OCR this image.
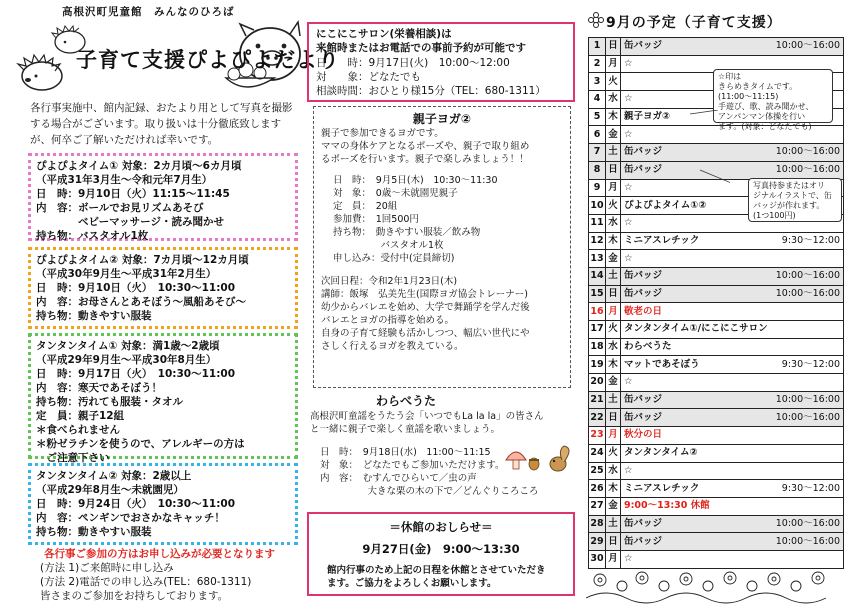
高根沢町児童館　みんなのひろば
子育て支援ぴよぴよだより
各行事実施中、館内記録、おたより用として写真を撮影する場合がございます。取り扱いは十分徹底致しますが、何卒ご了解いただければ幸いです。
ぴよぴよタイム① 対象：2カ月頃～6カ月頃
（平成31年3月生～令和元年7月生）
日　時：9月10日（火）11:15～11:45
内　容：ボールでお見リズムあそび
　　　　ベビーマッサージ・読み聞かせ
持ち物：バスタオル1枚
ぴよぴよタイム② 対象：7カ月頃～12カ月頃
（平成30年9月生～平成31年2月生）
日　時：9月10日（火）　10:30～11:00
内　容：お母さんとあそぼう～風船あそび～
持ち物：動きやすい服装
タンタンタイム① 対象：満1歳～2歳頃
（平成29年9月生～平成30年8月生）
日　時：9月17日（火）　10:30～11:00
内　容：寒天であそぼう！
持ち物：汚れても服装・タオル
定　員：親子12組
＊食べられません
＊粉ゼラチンを使うので、アレルギーの方は
　ご注意下さい
タンタンタイム② 対象：2歳以上
（平成29年8月生～未就園児）
日　時：9月24日（火）　10:30～11:00
内　容：ペンギンでおさかなキャッチ！
持ち物：動きやすい服装
各行事ご参加の方はお申し込みが必要となります
(方法 1)ご来館時に申し込み
(方法 2)電話での申し込み(TEL：680-1311)
皆さまのご参加をお持ちしております。
にこにこサロン(栄養相談)は
来館時またはお電話での事前予約が可能です
日　　時：9月17日(火)　10:00～12:00
対　　象：どなたでも
相談時間：おひとり様15分（TEL：680-1311）
親子ヨガ②
親子で参加できるヨガです。
ママの身体ケアとなるポーズや、親子で取り組め
るポーズを行います。親子で楽しみましょう！！
日　時：　9月5日(木)　10:30～11:30
対　象：　0歳～未就園児親子
定　員：　20組
参加費：　1回500円
持ち物：　動きやすい服装／飲み物
　　　　　バスタオル1枚
申し込み：受付中(定員締切)
次回日程：令和2年1月23日(木)
講師：飯塚　弘美先生(国際ヨガ協会トレーナー)
幼少からバレエを始め、大学で舞踊学を学んだ後
バレエとヨガの指導を始める。
自身の子育て経験も活かしつつ、幅広い世代にや
さしく行えるヨガを教えている。
わらべうた
高根沢町童謡をうたう会「いつでもLa la la」の皆さん
と一緒に親子で楽しく童謡を歌いましょう。
日　時：　9月18日(水)　11:00～11:15
対　象：　どなたでもご参加いただけます。
内　容：　むすんでひらいて／虫の声
　　　　　大きな栗の木の下で／どんぐりころころ
＝休館のおしらせ＝
9月27日(金)　9:00～13:30
館内行事のため上記の日程を休館とさせていただき
ます。ご協力をよろしくお願いします。
9月の予定（子育て支援）
1	日	缶バッジ 10:00～16:00

2	月	☆

3	火	

4	水	☆

5	木	親子ヨガ②

6	金	☆

7	土	缶バッジ 10:00～16:00

8	日	缶バッジ 10:00～16:00

9	月	☆

10	火	ぴよぴよタイム①②

11	水	☆

12	木	ミニアスレチック 9:30～12:00

13	金	☆

14	土	缶バッジ 10:00～16:00

15	日	缶バッジ 10:00～16:00

16	月	敬老の日

17	火	タンタンタイム①/にこにこサロン

18	水	わらべうた

19	木	マットであそぼう 9:30～12:00

20	金	☆

21	土	缶バッジ 10:00～16:00

22	日	缶バッジ 10:00～16:00

23	月	秋分の日

24	火	タンタンタイム②

25	水	☆

26	木	ミニアスレチック 9:30～12:00

27	金	9:00～13:30 休館

28	土	缶バッジ 10:00～16:00

29	日	缶バッジ 10:00～16:00

30	月	☆
☆印は
きらめきタイムです。
(11:00～11:15)
手遊び、歌、読み聞かせ、
アンパンマン体操を行い
ます。(対象：どなたでも)
写真持参またはオリ
ジナルイラストで、缶
バッジが作れます。
(1つ100円)
